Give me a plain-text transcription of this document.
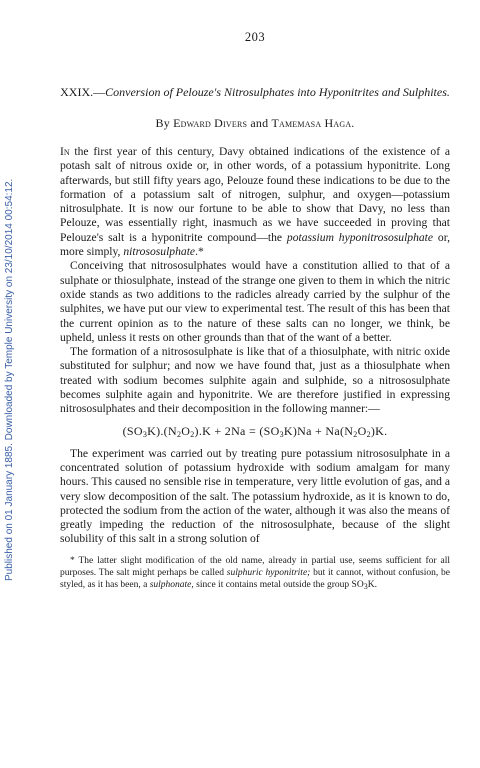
Published on 01 January 1885. Downloaded by Temple University on 23/10/2014 00:54:12.
203
XXIX.—Conversion of Pelouze's Nitrosulphates into Hyponitrites and Sulphites.
By Edward Divers and Tamemasa Haga.

In the first year of this century, Davy obtained indications of the existence of a potash salt of nitrous oxide or, in other words, of a potassium hyponitrite. Long afterwards, but still fifty years ago, Pelouze found these indications to be due to the formation of a potassium salt of nitrogen, sulphur, and oxygen—potassium nitrosulphate. It is now our fortune to be able to show that Davy, no less than Pelouze, was essentially right, inasmuch as we have succeeded in proving that Pelouze's salt is a hyponitrite compound—the potassium hyponitrososulphate or, more simply, nitrososulphate.*

Conceiving that nitrososulphates would have a constitution allied to that of a sulphate or thiosulphate, instead of the strange one given to them in which the nitric oxide stands as two additions to the radicles already carried by the sulphur of the sulphites, we have put our view to experimental test. The result of this has been that the current opinion as to the nature of these salts can no longer, we think, be upheld, unless it rests on other grounds than that of the want of a better.

The formation of a nitrososulphate is like that of a thiosulphate, with nitric oxide substituted for sulphur; and now we have found that, just as a thiosulphate when treated with sodium becomes sulphite again and sulphide, so a nitrososulphate becomes sulphite again and hyponitrite. We are therefore justified in expressing nitrososulphates and their decomposition in the following manner:—

$(SO_3K).(N_2O_2).K + 2Na = (SO_3K)Na + Na(N_2O_2)K$.

The experiment was carried out by treating pure potassium nitrososulphate in a concentrated solution of potassium hydroxide with sodium amalgam for many hours. This caused no sensible rise in temperature, very little evolution of gas, and a very slow decomposition of the salt. The potassium hydroxide, as it is known to do, protected the sodium from the action of the water, although it was also the means of greatly impeding the reduction of the nitrososulphate, because of the slight solubility of this salt in a strong solution of

* The latter slight modification of the old name, already in partial use, seems sufficient for all purposes. The salt might perhaps be called sulphuric hyponitrite; but it cannot, without confusion, be styled, as it has been, a sulphonate, since it contains metal outside the group $SO_3K$.
